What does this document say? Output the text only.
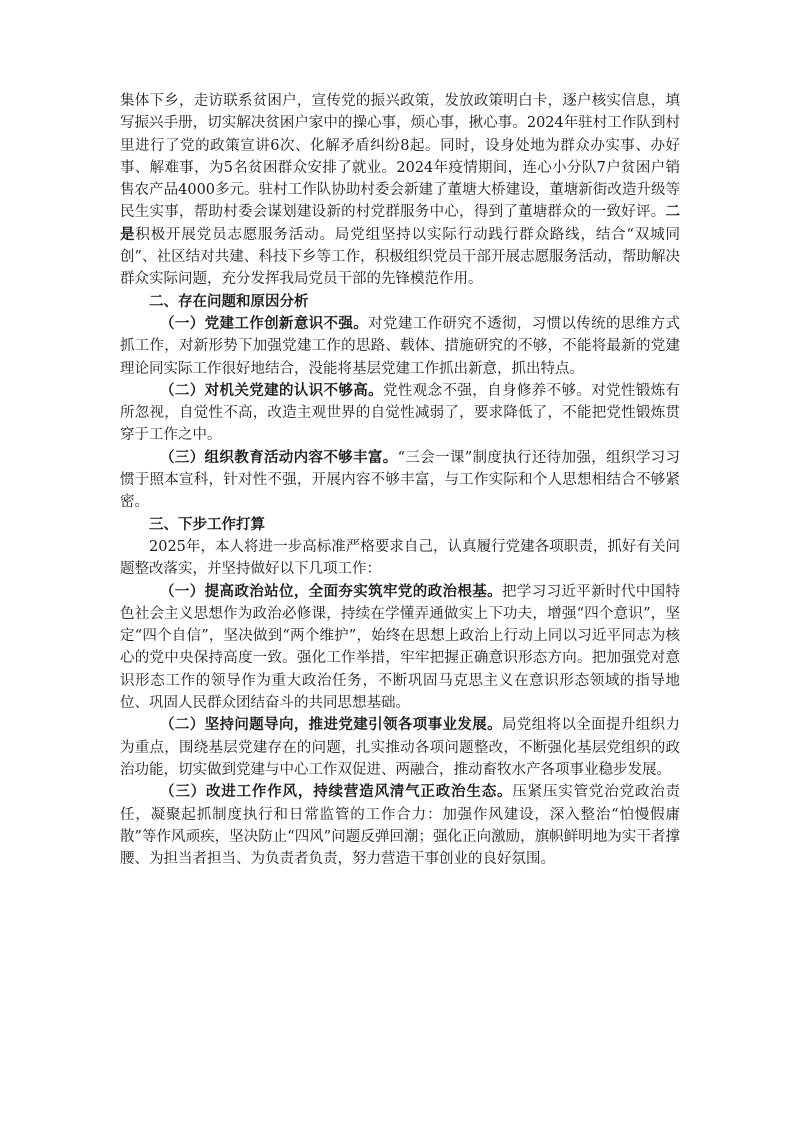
集体下乡，走访联系贫困户，宣传党的振兴政策，发放政策明白卡，逐户核实信息，填写振兴手册，切实解决贫困户家中的操心事，烦心事，揪心事。2024年驻村工作队到村里进行了党的政策宣讲6次、化解矛盾纠纷8起。同时，设身处地为群众办实事、办好事、解难事，为5名贫困群众安排了就业。2024年疫情期间，连心小分队7户贫困户销售农产品4000多元。驻村工作队协助村委会新建了董塘大桥建设，董塘新街改造升级等民生实事，帮助村委会谋划建设新的村党群服务中心，得到了董塘群众的一致好评。二是积极开展党员志愿服务活动。局党组坚持以实际行动践行群众路线，结合“双城同创”、社区结对共建、科技下乡等工作，积极组织党员干部开展志愿服务活动，帮助解决群众实际问题，充分发挥我局党员干部的先锋模范作用。

二、存在问题和原因分析

（一）党建工作创新意识不强。对党建工作研究不透彻，习惯以传统的思维方式抓工作，对新形势下加强党建工作的思路、载体、措施研究的不够，不能将最新的党建理论同实际工作很好地结合，没能将基层党建工作抓出新意，抓出特点。

（二）对机关党建的认识不够高。党性观念不强，自身修养不够。对党性锻炼有所忽视，自觉性不高，改造主观世界的自觉性减弱了，要求降低了，不能把党性锻炼贯穿于工作之中。

（三）组织教育活动内容不够丰富。“三会一课”制度执行还待加强，组织学习习惯于照本宣科，针对性不强，开展内容不够丰富，与工作实际和个人思想相结合不够紧密。

三、下步工作打算

2025年，本人将进一步高标准严格要求自己，认真履行党建各项职责，抓好有关问题整改落实，并坚持做好以下几项工作：

（一）提高政治站位，全面夯实筑牢党的政治根基。把学习习近平新时代中国特色社会主义思想作为政治必修课，持续在学懂弄通做实上下功夫，增强“四个意识”，坚定“四个自信”，坚决做到“两个维护”，始终在思想上政治上行动上同以习近平同志为核心的党中央保持高度一致。强化工作举措，牢牢把握正确意识形态方向。把加强党对意识形态工作的领导作为重大政治任务，不断巩固马克思主义在意识形态领域的指导地位、巩固人民群众团结奋斗的共同思想基础。

（二）坚持问题导向，推进党建引领各项事业发展。局党组将以全面提升组织力为重点，围绕基层党建存在的问题，扎实推动各项问题整改，不断强化基层党组织的政治功能，切实做到党建与中心工作双促进、两融合，推动畜牧水产各项事业稳步发展。

（三）改进工作作风，持续营造风清气正政治生态。压紧压实管党治党政治责任，凝聚起抓制度执行和日常监管的工作合力：加强作风建设，深入整治“怕慢假庸散”等作风顽疾，坚决防止“四风”问题反弹回潮；强化正向激励，旗帜鲜明地为实干者撑腰、为担当者担当、为负责者负责，努力营造干事创业的良好氛围。
